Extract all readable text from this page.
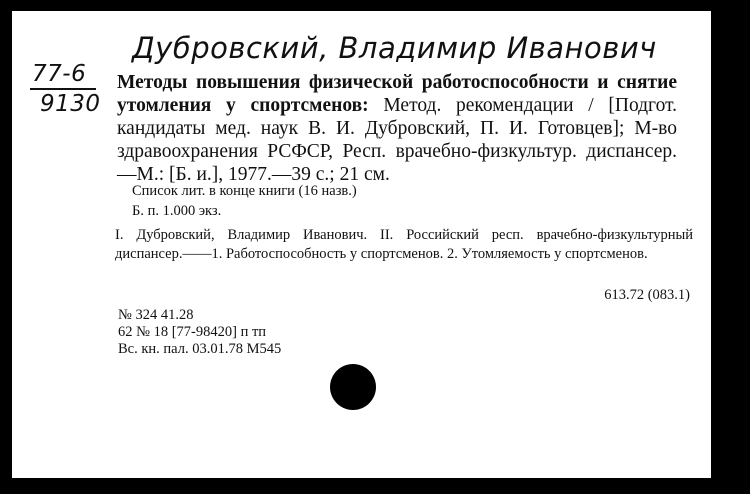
Дубровский, Владимир Иванович
77-6
9130
Методы повышения физической работоспособности и снятие утомления у спортсменов: Метод. рекомендации / [Подгот. кандидаты мед. наук В. И. Дубровский, П. И. Готовцев]; М-во здравоохранения РСФСР, Респ. врачебно-физкультур. диспансер.—М.: [Б. и.], 1977.—39 с.; 21 см.
Список лит. в конце книги (16 назв.)
Б. п. 1.000 экз.
I. Дубровский, Владимир Иванович. II. Российский респ. врачебно-физкультурный диспансер.——1. Работоспособность у спортсменов. 2. Утомляемость у спортсменов.
613.72 (083.1)
№ 324 41.28
62 № 18 [77-98420] п тп
Вс. кн. пал. 03.01.78 М545
